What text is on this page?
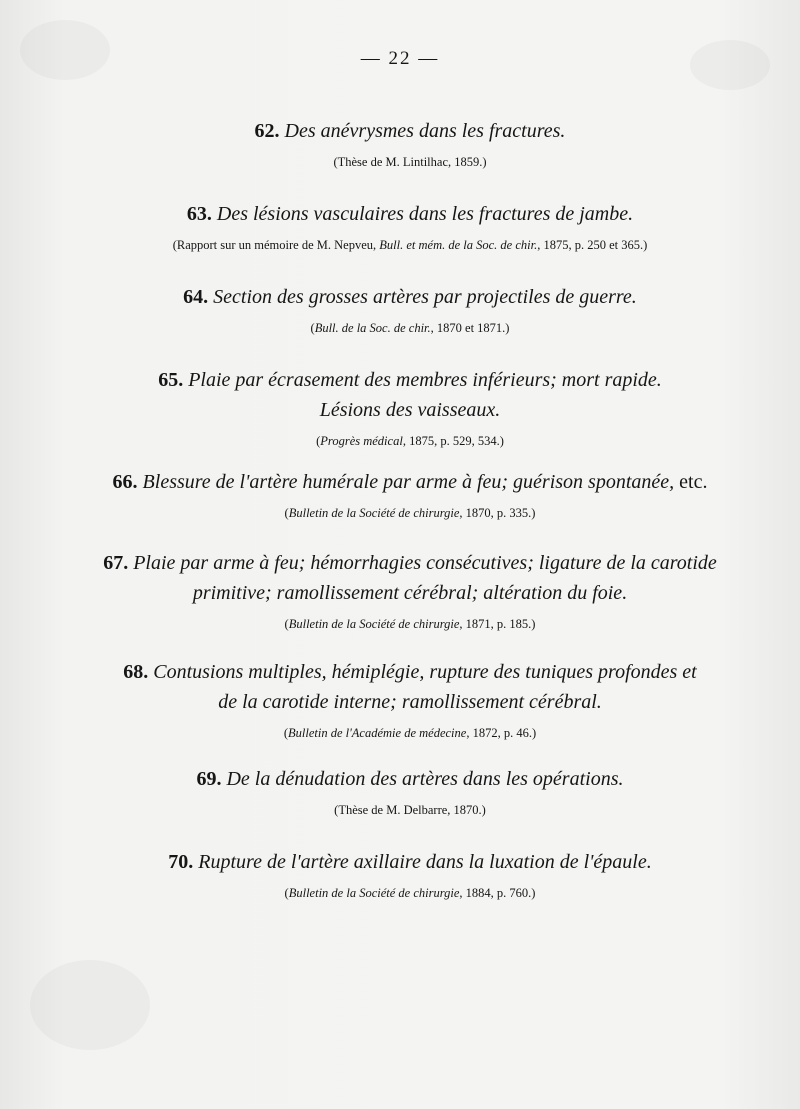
— 22 —
62. Des anévrysmes dans les fractures.
(Thèse de M. Lintilhac, 1859.)
63. Des lésions vasculaires dans les fractures de jambe.
(Rapport sur un mémoire de M. Nepveu, Bull. et mém. de la Soc. de chir., 1875, p. 250 et 365.)
64. Section des grosses artères par projectiles de guerre.
(Bull. de la Soc. de chir., 1870 et 1871.)
65. Plaie par écrasement des membres inférieurs; mort rapide.
Lésions des vaisseaux.
(Progrès médical, 1875, p. 529, 534.)
66. Blessure de l'artère humérale par arme à feu; guérison spontanée, etc.
(Bulletin de la Société de chirurgie, 1870, p. 335.)
67. Plaie par arme à feu; hémorrhagies consécutives; ligature de la carotide
primitive; ramollissement cérébral; altération du foie.
(Bulletin de la Société de chirurgie, 1871, p. 185.)
68. Contusions multiples, hémiplégie, rupture des tuniques profondes et
de la carotide interne; ramollissement cérébral.
(Bulletin de l'Académie de médecine, 1872, p. 46.)
69. De la dénudation des artères dans les opérations.
(Thèse de M. Delbarre, 1870.)
70. Rupture de l'artère axillaire dans la luxation de l'épaule.
(Bulletin de la Société de chirurgie, 1884, p. 760.)
